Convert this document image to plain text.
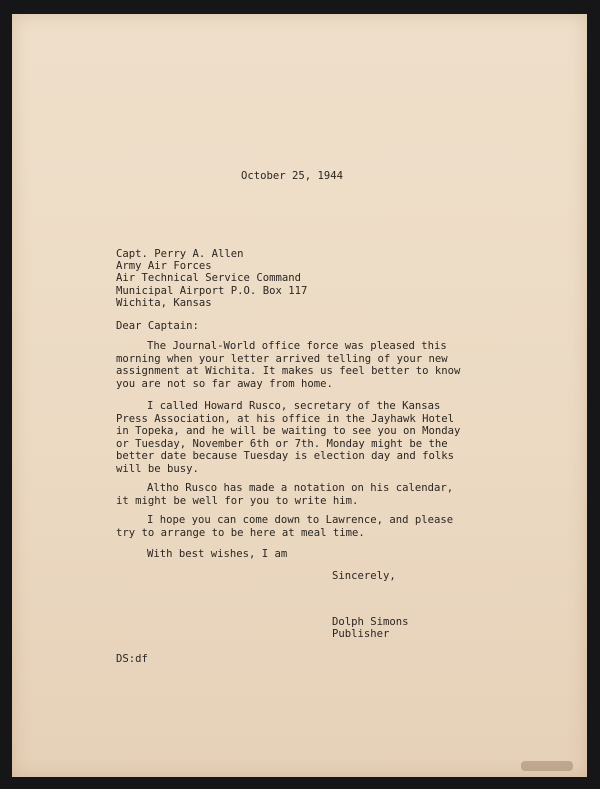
October 25, 1944
Capt. Perry A. Allen
Army Air Forces
Air Technical Service Command
Municipal Airport P.O. Box 117
Wichita, Kansas
Dear Captain:
The Journal-World office force was pleased this
morning when your letter arrived telling of your new
assignment at Wichita. It makes us feel better to know
you are not so far away from home.
I called Howard Rusco, secretary of the Kansas
Press Association, at his office in the Jayhawk Hotel
in Topeka, and he will be waiting to see you on Monday
or Tuesday, November 6th or 7th. Monday might be the
better date because Tuesday is election day and folks
will be busy.
Altho Rusco has made a notation on his calendar,
it might be well for you to write him.
I hope you can come down to Lawrence, and please
try to arrange to be here at meal time.
With best wishes, I am
Sincerely,
Dolph Simons
Publisher
DS:df
